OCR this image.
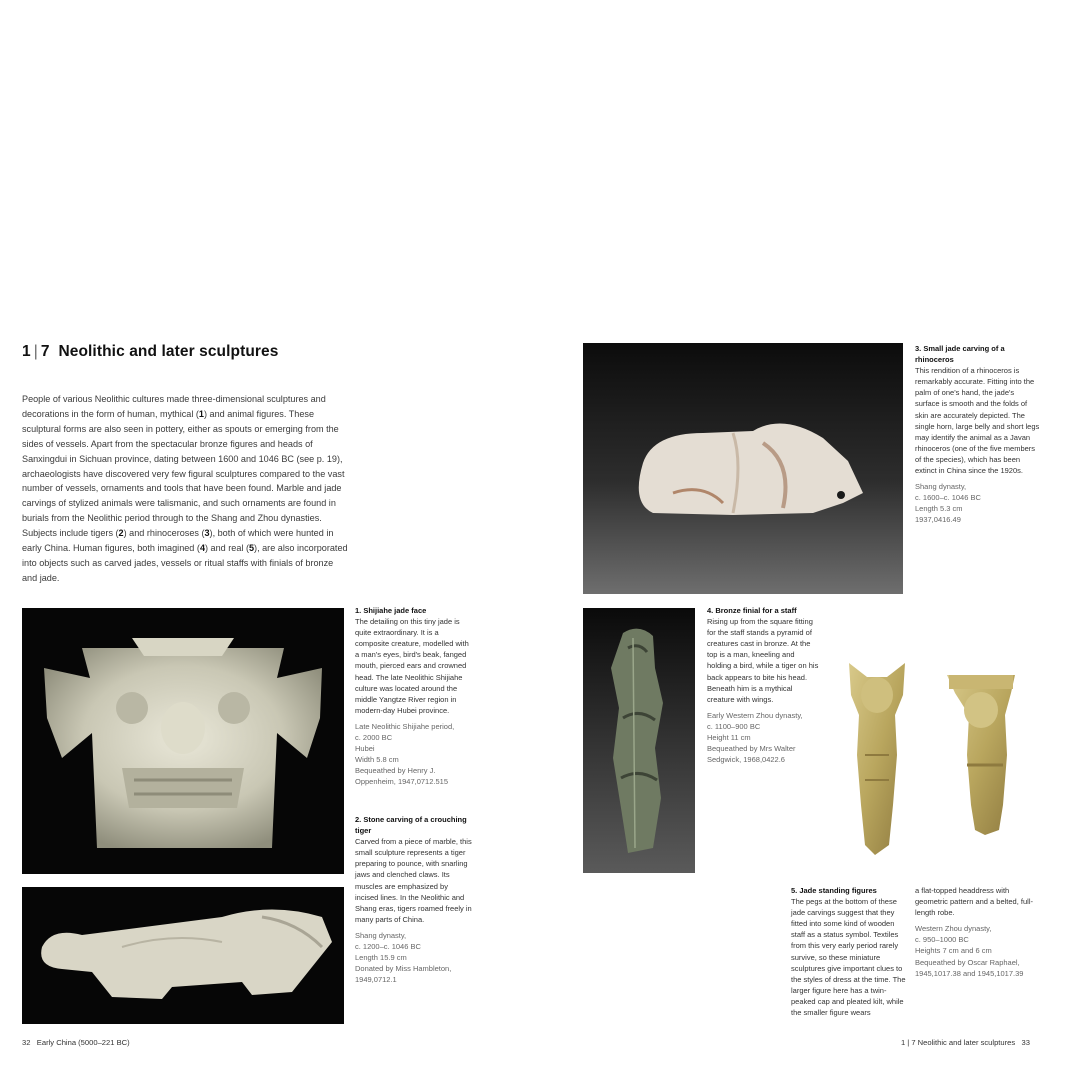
1 | 7 Neolithic and later sculptures
People of various Neolithic cultures made three-dimensional sculptures and decorations in the form of human, mythical (1) and animal figures. These sculptural forms are also seen in pottery, either as spouts or emerging from the sides of vessels. Apart from the spectacular bronze figures and heads of Sanxingdui in Sichuan province, dating between 1600 and 1046 BC (see p. 19), archaeologists have discovered very few figural sculptures compared to the vast number of vessels, ornaments and tools that have been found. Marble and jade carvings of stylized animals were talismanic, and such ornaments are found in burials from the Neolithic period through to the Shang and Zhou dynasties. Subjects include tigers (2) and rhinoceroses (3), both of which were hunted in early China. Human figures, both imagined (4) and real (5), are also incorporated into objects such as carved jades, vessels or ritual staffs with finials of bronze and jade.
1. Shijiahe jade face

The detailing on this tiny jade is quite extraordinary. It is a composite creature, modelled with a man's eyes, bird's beak, fanged mouth, pierced ears and crowned head. The late Neolithic Shijiahe culture was located around the middle Yangtze River region in modern-day Hubei province.

Late Neolithic Shijiahe period,
c. 2000 BC
Hubei
Width 5.8 cm
Bequeathed by Henry J.
Oppenheim, 1947,0712.515
2. Stone carving of a crouching tiger

Carved from a piece of marble, this small sculpture represents a tiger preparing to pounce, with snarling jaws and clenched claws. Its muscles are emphasized by incised lines. In the Neolithic and Shang eras, tigers roamed freely in many parts of China.

Shang dynasty,
c. 1200–c. 1046 BC
Length 15.9 cm
Donated by Miss Hambleton,
1949,0712.1
3. Small jade carving of a rhinoceros

This rendition of a rhinoceros is remarkably accurate. Fitting into the palm of one's hand, the jade's surface is smooth and the folds of skin are accurately depicted. The single horn, large belly and short legs may identify the animal as a Javan rhinoceros (one of the five members of the species), which has been extinct in China since the 1920s.

Shang dynasty,
c. 1600–c. 1046 BC
Length 5.3 cm
1937,0416.49
4. Bronze finial for a staff

Rising up from the square fitting for the staff stands a pyramid of creatures cast in bronze. At the top is a man, kneeling and holding a bird, while a tiger on his back appears to bite his head. Beneath him is a mythical creature with wings.

Early Western Zhou dynasty,
c. 1100–900 BC
Height 11 cm
Bequeathed by Mrs Walter
Sedgwick, 1968,0422.6
5. Jade standing figures

The pegs at the bottom of these jade carvings suggest that they fitted into some kind of wooden staff as a status symbol. Textiles from this very early period rarely survive, so these miniature sculptures give important clues to the styles of dress at the time. The larger figure here has a twin-peaked cap and pleated kilt, while the smaller figure wears

a flat-topped headdress with geometric pattern and a belted, full-length robe.

Western Zhou dynasty,
c. 950–1000 BC
Heights 7 cm and 6 cm
Bequeathed by Oscar Raphael,
1945,1017.38 and 1945,1017.39
32 Early China (5000–221 BC)	1 | 7 Neolithic and later sculptures 33
